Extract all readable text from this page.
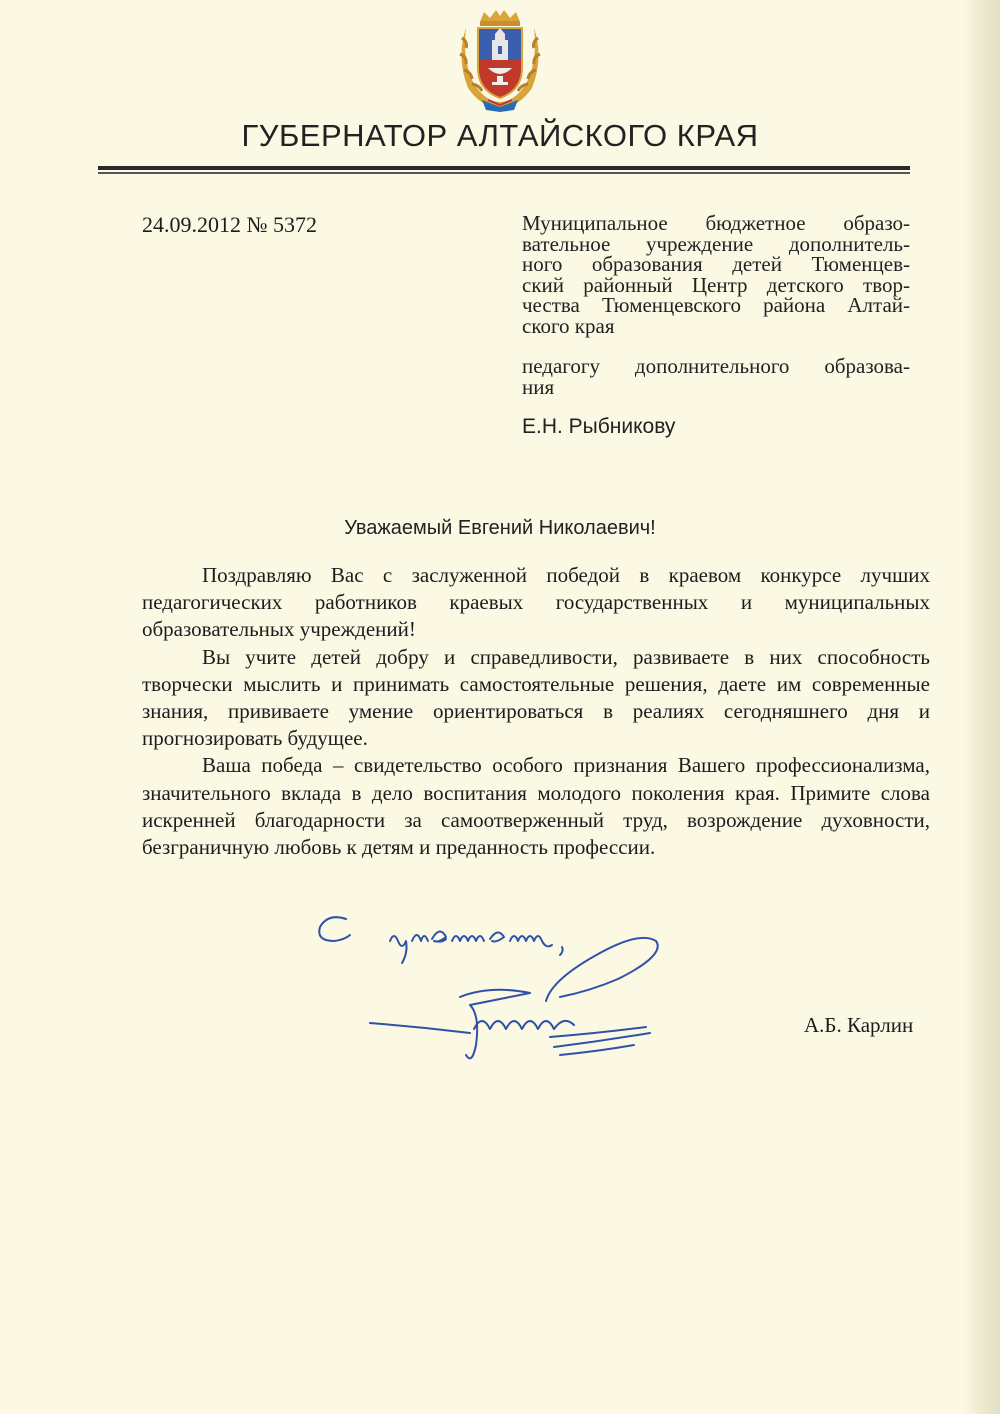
ГУБЕРНАТОР АЛТАЙСКОГО КРАЯ
24.09.2012 № 5372	Муниципальное бюджетное образо-

вательное учреждение дополнитель-

ного образования детей Тюменцев-

ский районный Центр детского твор-

чества Тюменцевского района Алтай-

ского края

педагогу дополнительного образова-

ния

Е.Н. Рыбникову

Уважаемый Евгений Николаевич!

Поздравляю Вас с заслуженной победой в краевом конкурсе лучших педагогических работников краевых государственных и муниципальных образовательных учреждений!

Вы учите детей добру и справедливости, развиваете в них способность творчески мыслить и принимать самостоятельные решения, даете им современные знания, прививаете умение ориентироваться в реалиях сегодняшнего дня и прогнозировать будущее.

Ваша победа – свидетельство особого признания Вашего профессионализма, значительного вклада в дело воспитания молодого поколения края. Примите слова искренней благодарности за самоотверженный труд, возрождение духовности, безграничную любовь к детям и преданность профессии.

А.Б. Карлин
